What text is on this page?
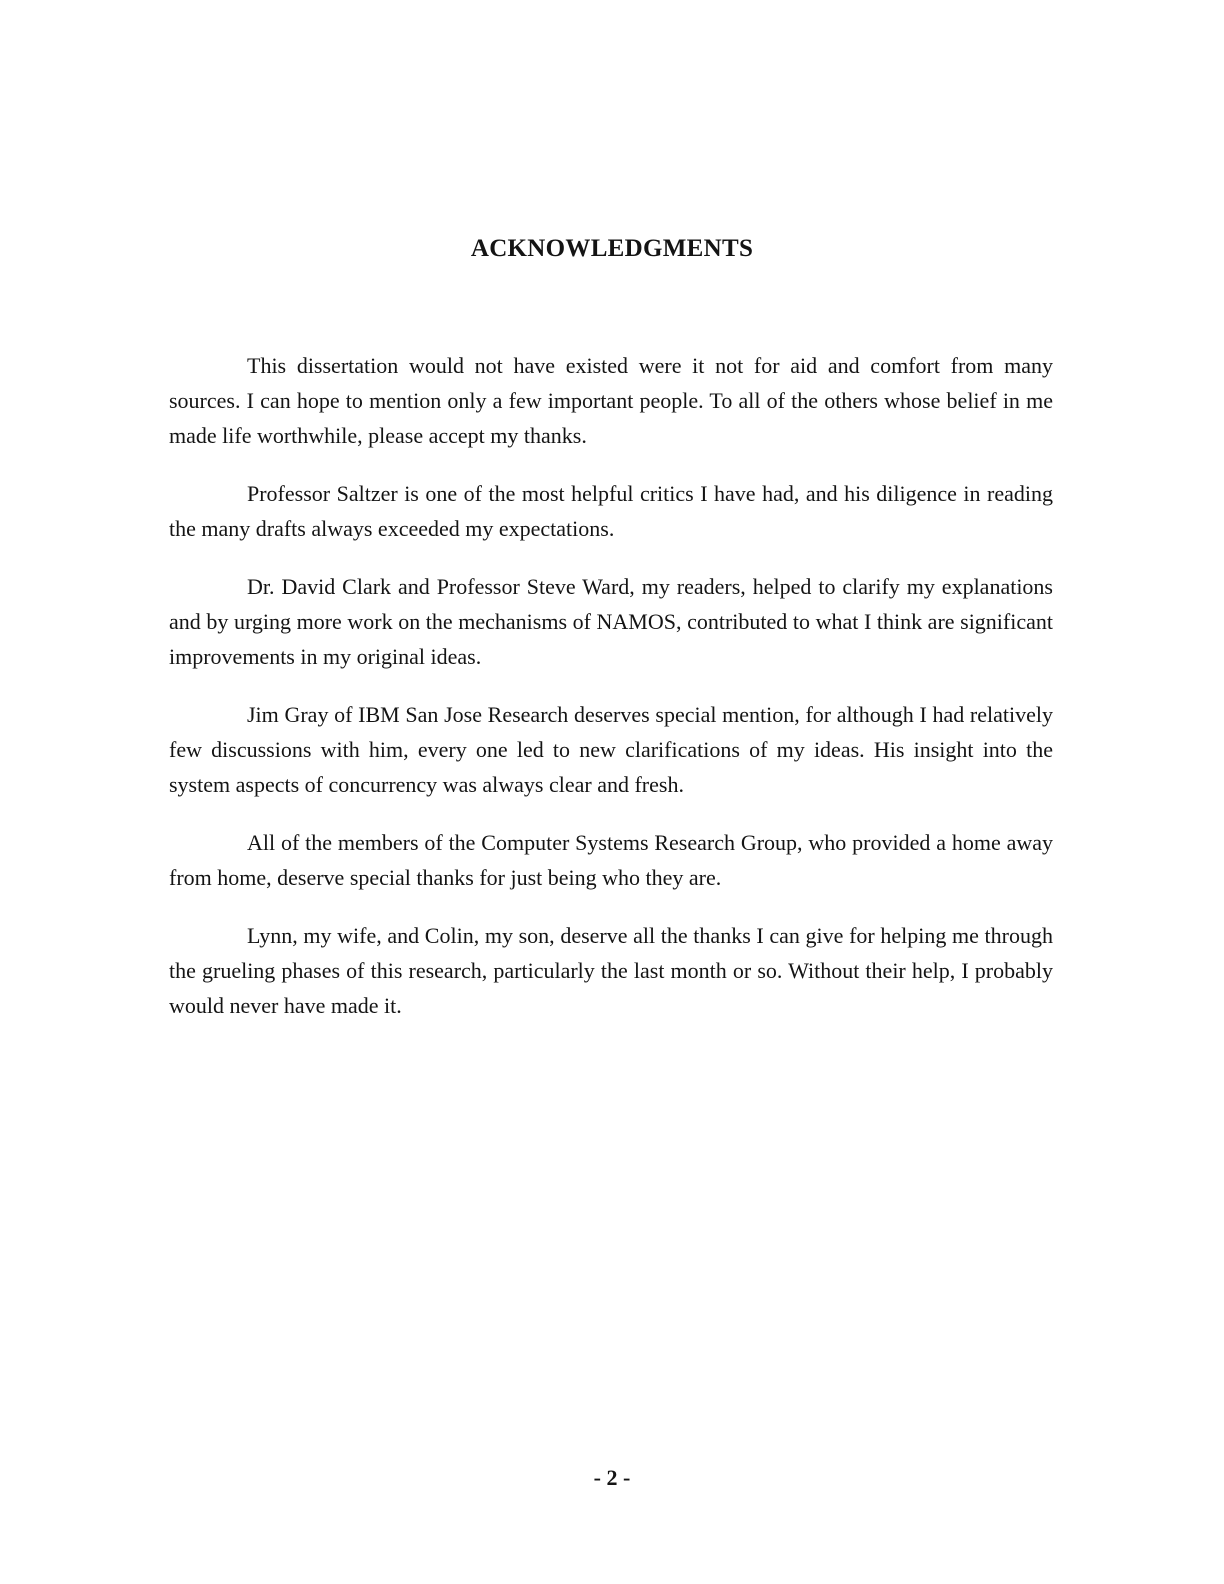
ACKNOWLEDGMENTS

This dissertation would not have existed were it not for aid and comfort from many sources. I can hope to mention only a few important people. To all of the others whose belief in me made life worthwhile, please accept my thanks.

Professor Saltzer is one of the most helpful critics I have had, and his diligence in reading the many drafts always exceeded my expectations.

Dr. David Clark and Professor Steve Ward, my readers, helped to clarify my explanations and by urging more work on the mechanisms of NAMOS, contributed to what I think are significant improvements in my original ideas.

Jim Gray of IBM San Jose Research deserves special mention, for although I had relatively few discussions with him, every one led to new clarifications of my ideas. His insight into the system aspects of concurrency was always clear and fresh.

All of the members of the Computer Systems Research Group, who provided a home away from home, deserve special thanks for just being who they are.

Lynn, my wife, and Colin, my son, deserve all the thanks I can give for helping me through the grueling phases of this research, particularly the last month or so. Without their help, I probably would never have made it.

- 2 -
